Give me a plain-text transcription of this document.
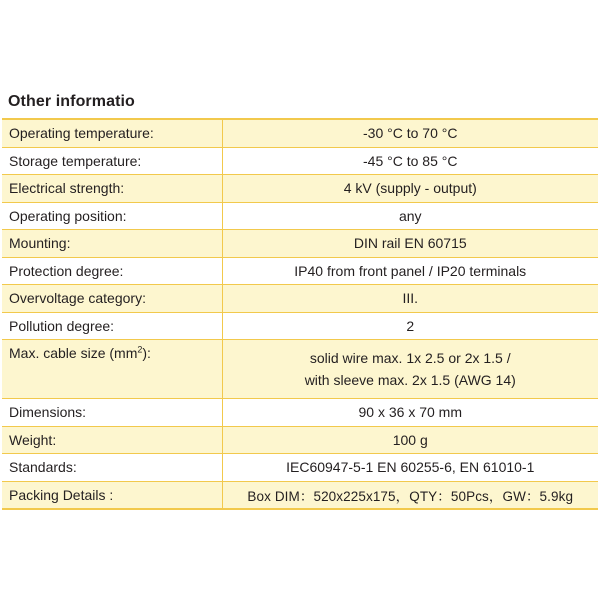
Other informatio
Operating temperature:	-30 °C to 70 °C
Storage temperature:	-45 °C to 85 °C
Electrical strength:	4 kV (supply - output)
Operating position:	any
Mounting:	DIN rail EN 60715
Protection degree:	IP40 from front panel / IP20 terminals
Overvoltage category:	III.
Pollution degree:	2
Max. cable size $(mm^2)$:	solid wire max. 1x 2.5 or 2x 1.5 /
with sleeve max. 2x 1.5 (AWG 14)

Dimensions:	90 x 36 x 70 mm
Weight:	100 g
Standards:	IEC60947-5-1 EN 60255-6, EN 61010-1
Packing Details :	Box DIM：520x225x175，QTY：50Pcs，GW：5.9kg
